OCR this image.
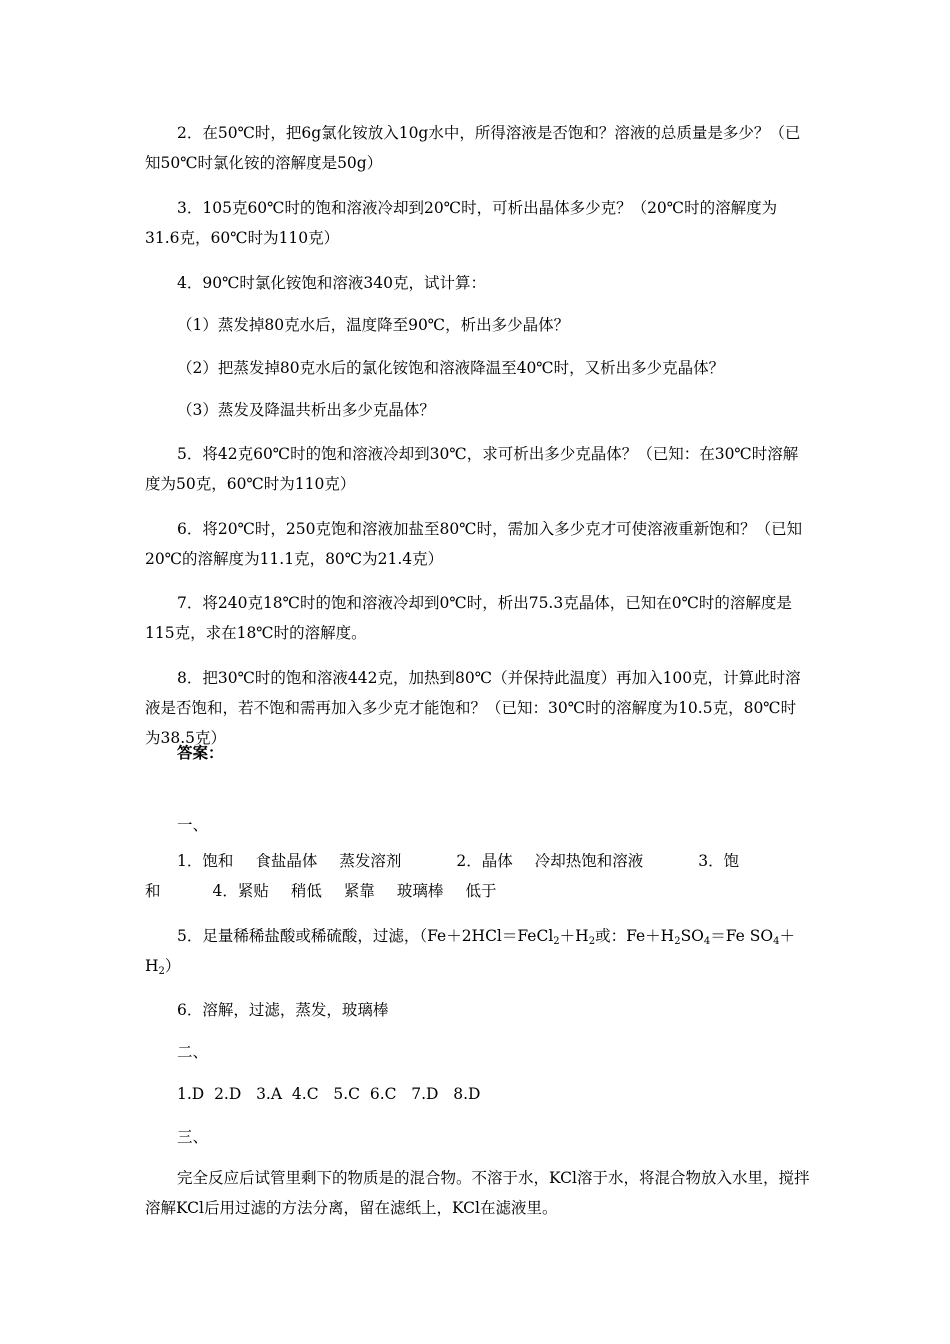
2．在50℃时，把6g氯化铵放入10g水中，所得溶液是否饱和？溶液的总质量是多少？（已知50℃时氯化铵的溶解度是50g）

3．105克60℃时的饱和溶液冷却到20℃时，可析出晶体多少克？（20℃时的溶解度为31.6克，60℃时为110克）

4．90℃时氯化铵饱和溶液340克，试计算：

（1）蒸发掉80克水后，温度降至90℃，析出多少晶体？

（2）把蒸发掉80克水后的氯化铵饱和溶液降温至40℃时，又析出多少克晶体？

（3）蒸发及降温共析出多少克晶体？

5．将42克60℃时的饱和溶液冷却到30℃，求可析出多少克晶体？（已知：在30℃时溶解度为50克，60℃时为110克）

6．将20℃时，250克饱和溶液加盐至80℃时，需加入多少克才可使溶液重新饱和？（已知20℃的溶解度为11.1克，80℃为21.4克）

7．将240克18℃时的饱和溶液冷却到0℃时，析出75.3克晶体，已知在0℃时的溶解度是115克，求在18℃时的溶解度。

8．把30℃时的饱和溶液442克，加热到80℃（并保持此温度）再加入100克，计算此时溶液是否饱和，若不饱和需再加入多少克才能饱和？（已知：30℃时的溶解度为10.5克，80℃时为38.5克）

答案：

一、

1．饱和 食盐晶体 蒸发溶剂	2．晶体 冷却热饱和溶液	3．饱
和	4．紧贴 稍低 紧靠 玻璃棒 低于

5．足量稀稀盐酸或稀硫酸，过滤，（$Fe+2HCl=FeCl_2+H_2$或：$Fe+H_2SO_4=Fe$ $SO_4+H_2$）

6．溶解，过滤，蒸发，玻璃棒

二、

1.D  2.D   3.A  4.C   5.C  6.C   7.D   8.D

三、

完全反应后试管里剩下的物质是的混合物。不溶于水，KCl溶于水，将混合物放入水里，搅拌溶解KCl后用过滤的方法分离，留在滤纸上，KCl在滤液里。
